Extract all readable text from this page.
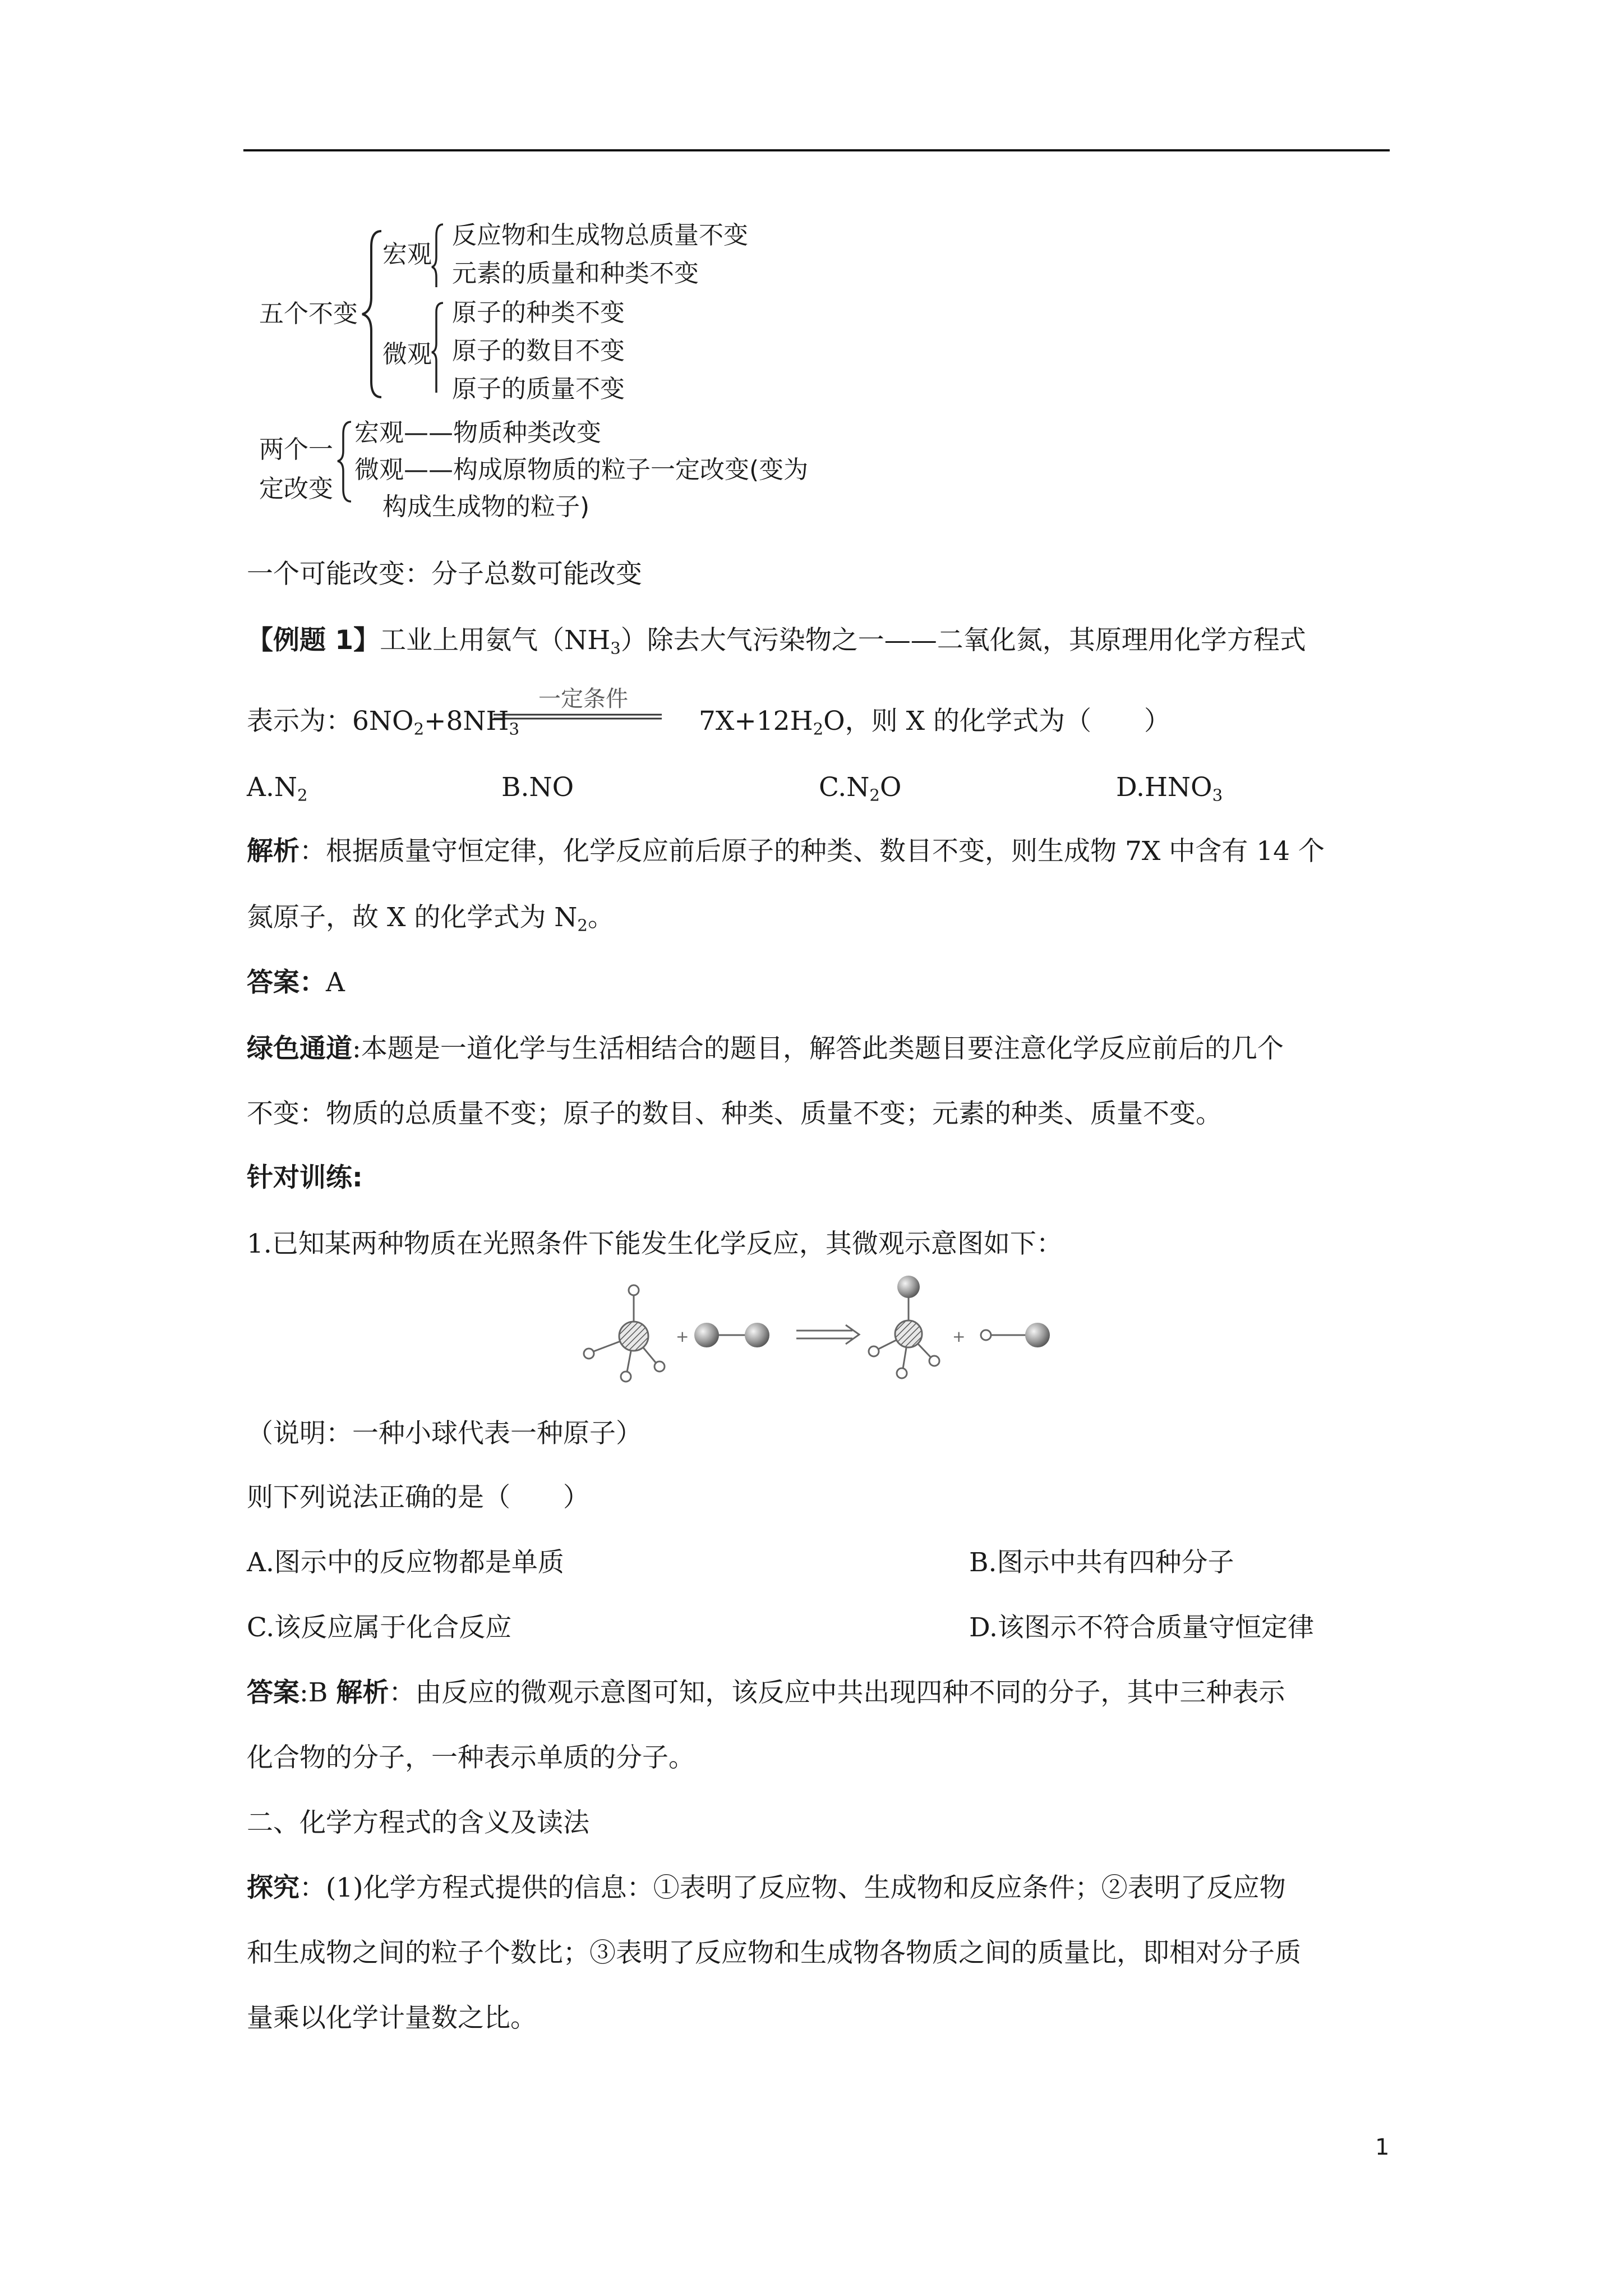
五个不变
宏观
微观
反应物和生成物总质量不变
元素的质量和种类不变
原子的种类不变
原子的数目不变
原子的质量不变
两个一
定改变
宏观——物质种类改变
微观——构成原物质的粒子一定改变(变为
构成生成物的粒子)
一个可能改变：分子总数可能改变
【例题 1】工业上用氨气$(NH_3)$除去大气污染物之一——二氧化氮，其原理用化学方程式
一定条件
表示为：$6NO_2+8NH_3$	$7X+12H_2O$，则 X 的化学式为（　　）
$A.N_2$	B.NO	$C.N_2O$	$D.HNO_3$
解析：根据质量守恒定律，化学反应前后原子的种类、数目不变，则生成物 7X 中含有 14 个
氮原子，故 X 的化学式为 $N_2$。
答案：A
绿色通道:本题是一道化学与生活相结合的题目，解答此类题目要注意化学反应前后的几个
不变：物质的总质量不变；原子的数目、种类、质量不变；元素的种类、质量不变。
针对训练:
1.已知某两种物质在光照条件下能发生化学反应，其微观示意图如下：
+	+
（说明：一种小球代表一种原子）
则下列说法正确的是（　　）
A.图示中的反应物都是单质	B.图示中共有四种分子
C.该反应属于化合反应	D.该图示不符合质量守恒定律
答案:B 解析：由反应的微观示意图可知，该反应中共出现四种不同的分子，其中三种表示
化合物的分子，一种表示单质的分子。
二、化学方程式的含义及读法
探究：(1)化学方程式提供的信息：①表明了反应物、生成物和反应条件；②表明了反应物
和生成物之间的粒子个数比；③表明了反应物和生成物各物质之间的质量比，即相对分子质
量乘以化学计量数之比。
1
